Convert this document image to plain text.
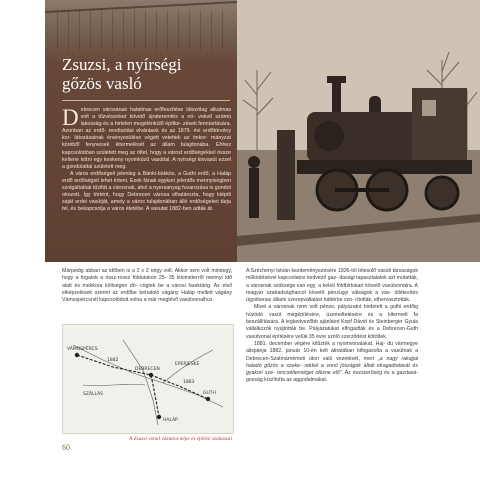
Zsuzsi, a nyírségi
gőzös vasló
D ebrecen városának hatalmas erőfeszítése látszólag alkalmas volt a tűzvészeket követő újrateremtés a nö- vekvő számú lakosság és a hirtelen megélénkülő építke- zések fenntartására. Azonban az erdő- rendtartási elvárások és az 1879. évi erdőtörvény kor- látozásainak érvényesülése végett vetettek az önkor- mányzat köréből fenyvesek kitermelését az állam tulajdonába. Ehhez kapcsolódóan született meg az ötlet, hogy a várost erdőségekkel össze kellene kötni egy keskeny nyomközű vasúttal. A nyírségi kisvasút ezzel a gondolattal született meg.

A város erdőségeit jelenleg a Bánki-bükkös, a Guthi erdő, a Haláp erdő erdőségeit lehet érteni. Ezek fának egykori jelentős mennyiségben szolgáltattak tűzifát a városnak, ahol a nyersanyag fuvarozása is gondot okozott. Így történt, hogy Debrecen városa elhatározta, hogy kiépíti saját erdei vasútját, amely a város tulajdonában álló erdőségeket tárja fel, és bekapcsolja a város életébe. A vasutat 1882-ben adták át.

Márpedig abban az időben is a 2 x 2 négy volt. Akkor sem volt mindegy, hogy a fogatok a rissz-rossz földutakon 25- 35 kilométerről mennyi idő alatt és mekkora költségen dö- cögtek be a városi faraktárig. Az első elképzelések szerint az erdőbe behatoló vágány Haláp mellett vágány Vámospércsnél kapcsolódott volna a már meglévő vasútvonalhoz.

A Széchenyi István kezdeményezésére 1836-tól létesülő vasúti társaságok működésével kapcsolatos kedvező gaz- dasági tapasztalatok azt mutatták, a városnak szüksége van egy, a keleti földbirtokart követő vasútvonalra. A magyar szabadságharcot követő pénzügyi válságok a vas- útlétesítés ügyébenaz állami szerepvállalást háttérbe szo- rították, elhervasztották.

Mivel a városnak nem volt pénze, pályázatot hirdetett a guthi erdőig húzódó vasút megépítésére, üzemeltetésére és a kitermelt fa beszállítására. A legkedvezőbb ajánlatot Kopf Dávid és Steinberger Gyula vállalkozók nyújtották be. Pályázatukat elfogadták és a Debrecen-Guth vasútvonal építésére velük 35 évre szóló szerződést kötöttek.

1881. december végére kitűzték a nyomvonalakat. Haj- dú vármegye alispánja 1882. január 10-én kelt átiratában kifogásolta a vasútnak a Debrecen-Szatmárnémeti úton való vezetését, mert „a nagy rakajjal haladó gőzös a szeke- rekkel a vonó jószágok általi elragadtatását és gyakori sze- rencsétlenséget idézne elő”. Az észszerűség és a gazdasá- gosság kíszította az aggodalmakat.

VÁMOSPÉRCS
DEBRECEN
GUTH
HALÁP
EPERJESKE
SZÁLLÁS
1882
1883

A Zsuzsi vonal vázlatos képe és építési szakaszai

60
